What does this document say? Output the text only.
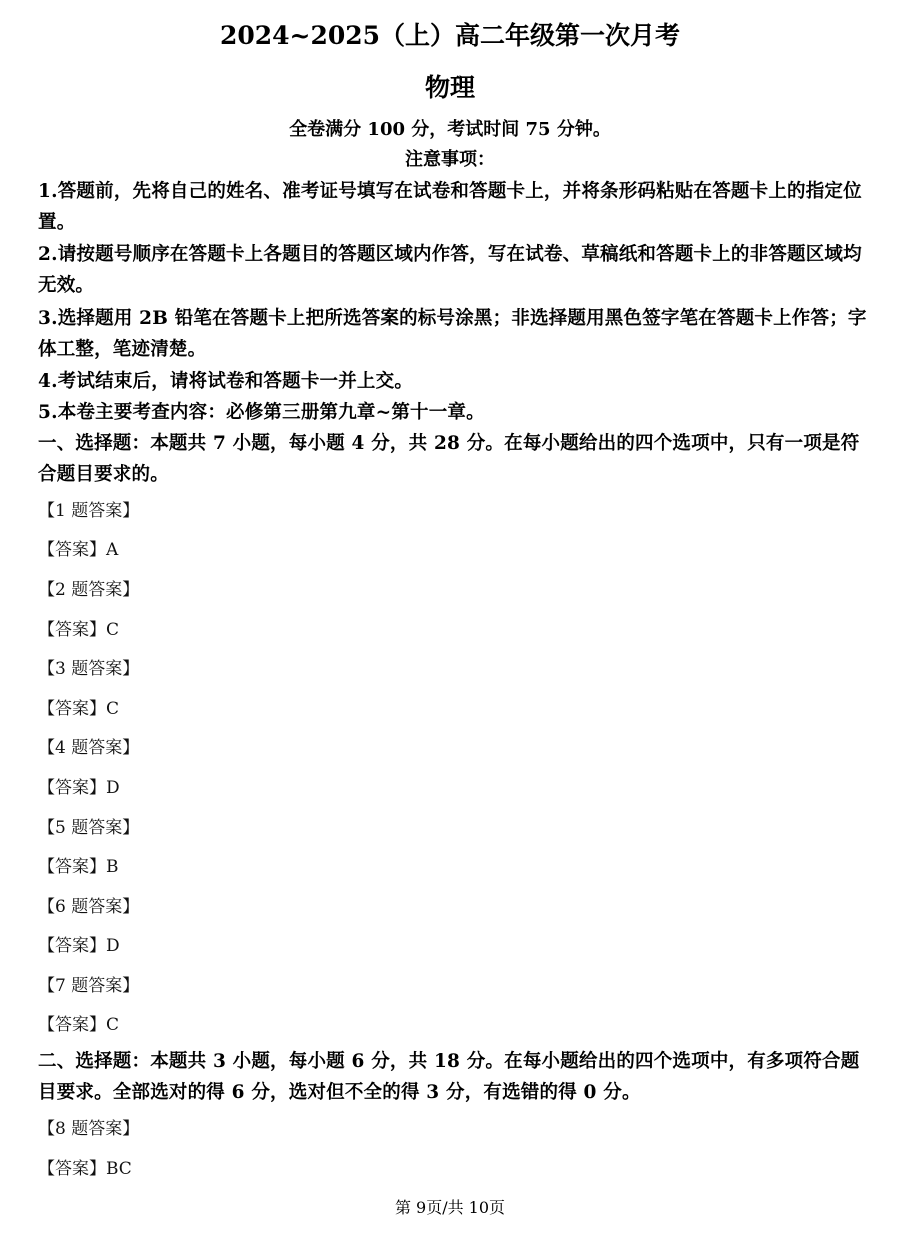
2024~2025（上）高二年级第一次月考
物理
全卷满分 100 分，考试时间 75 分钟。
注意事项：
1.答题前，先将自己的姓名、准考证号填写在试卷和答题卡上，并将条形码粘贴在答题卡上的指定位置。
2.请按题号顺序在答题卡上各题目的答题区域内作答，写在试卷、草稿纸和答题卡上的非答题区域均无效。
3.选择题用 2B 铅笔在答题卡上把所选答案的标号涂黑；非选择题用黑色签字笔在答题卡上作答；字体工整，笔迹清楚。
4.考试结束后，请将试卷和答题卡一并上交。
5.本卷主要考查内容：必修第三册第九章~第十一章。
一、选择题：本题共 7 小题，每小题 4 分，共 28 分。在每小题给出的四个选项中，只有一项是符合题目要求的。
【1 题答案】
【答案】A
【2 题答案】
【答案】C
【3 题答案】
【答案】C
【4 题答案】
【答案】D
【5 题答案】
【答案】B
【6 题答案】
【答案】D
【7 题答案】
【答案】C
二、选择题：本题共 3 小题，每小题 6 分，共 18 分。在每小题给出的四个选项中，有多项符合题目要求。全部选对的得 6 分，选对但不全的得 3 分，有选错的得 0 分。
【8 题答案】
【答案】BC
第 9页/共 10页
